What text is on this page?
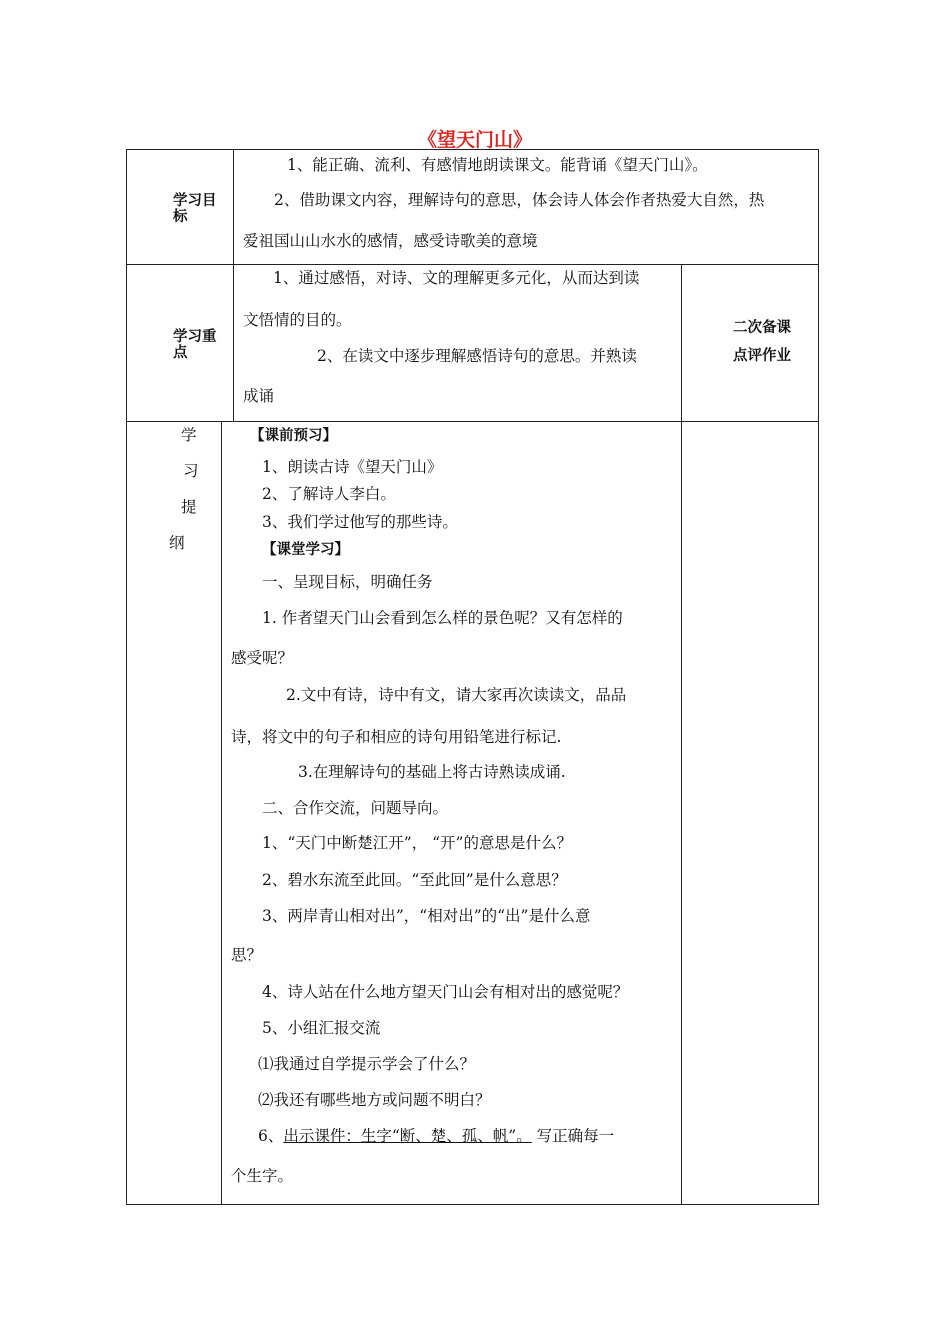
《望天门山》
学习目
标
1、能正确、流利、有感情地朗读课文。能背诵《望天门山》。
2、借助课文内容，理解诗句的意思，体会诗人体会作者热爱大自然，热
爱祖国山山水水的感情，感受诗歌美的意境
学习重
点
1、通过感悟，对诗、文的理解更多元化，从而达到读
文悟情的目的。
2、在读文中逐步理解感悟诗句的意思。并熟读
成诵
二次备课
点评作业
学
习
提
纲
【课前预习】
1、朗读古诗《望天门山》
2、了解诗人李白。
3、我们学过他写的那些诗。
【课堂学习】
一、呈现目标，明确任务
1. 作者望天门山会看到怎么样的景色呢？又有怎样的
感受呢？
2.文中有诗，诗中有文，请大家再次读读文，品品
诗，将文中的句子和相应的诗句用铅笔进行标记.
3.在理解诗句的基础上将古诗熟读成诵.
二、合作交流，问题导向。
1、“天门中断楚江开”， “开”的意思是什么？
2、碧水东流至此回。“至此回”是什么意思？
3、两岸青山相对出”，“相对出”的“出”是什么意
思？
4、诗人站在什么地方望天门山会有相对出的感觉呢？
5、小组汇报交流
⑴我通过自学提示学会了什么？
⑵我还有哪些地方或问题不明白？
6、出示课件：生字“断、楚、孤、帆”。 写正确每一
个生字。
